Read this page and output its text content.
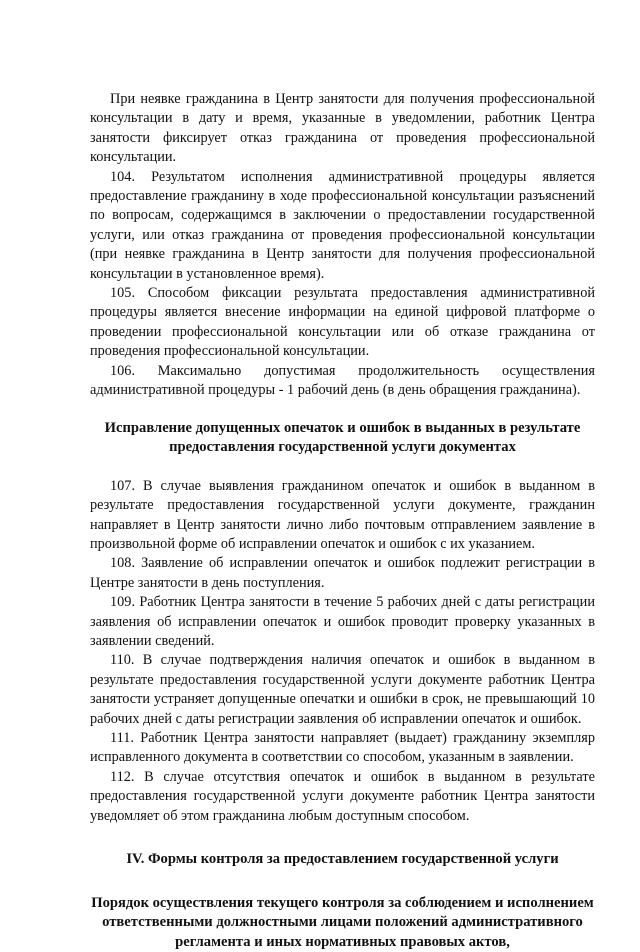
При неявке гражданина в Центр занятости для получения профессиональной консультации в дату и время, указанные в уведомлении, работник Центра занятости фиксирует отказ гражданина от проведения профессиональной консультации.

104. Результатом исполнения административной процедуры является предоставление гражданину в ходе профессиональной консультации разъяснений по вопросам, содержащимся в заключении о предоставлении государственной услуги, или отказ гражданина от проведения профессиональной консультации (при неявке гражданина в Центр занятости для получения профессиональной консультации в установленное время).

105. Способом фиксации результата предоставления административной процедуры является внесение информации на единой цифровой платформе о проведении профессиональной консультации или об отказе гражданина от проведения профессиональной консультации.

106. Максимально допустимая продолжительность осуществления административной процедуры - 1 рабочий день (в день обращения гражданина).

Исправление допущенных опечаток и ошибок в выданных в результате предоставления государственной услуги документах

107. В случае выявления гражданином опечаток и ошибок в выданном в результате предоставления государственной услуги документе, гражданин направляет в Центр занятости лично либо почтовым отправлением заявление в произвольной форме об исправлении опечаток и ошибок с их указанием.

108. Заявление об исправлении опечаток и ошибок подлежит регистрации в Центре занятости в день поступления.

109. Работник Центра занятости в течение 5 рабочих дней с даты регистрации заявления об исправлении опечаток и ошибок проводит проверку указанных в заявлении сведений.

110. В случае подтверждения наличия опечаток и ошибок в выданном в результате предоставления государственной услуги документе работник Центра занятости устраняет допущенные опечатки и ошибки в срок, не превышающий 10 рабочих дней с даты регистрации заявления об исправлении опечаток и ошибок.

111. Работник Центра занятости направляет (выдает) гражданину экземпляр исправленного документа в соответствии со способом, указанным в заявлении.

112. В случае отсутствия опечаток и ошибок в выданном в результате предоставления государственной услуги документе работник Центра занятости уведомляет об этом гражданина любым доступным способом.

IV. Формы контроля за предоставлением государственной услуги

Порядок осуществления текущего контроля за соблюдением и исполнением ответственными должностными лицами положений административного регламента и иных нормативных правовых актов,
